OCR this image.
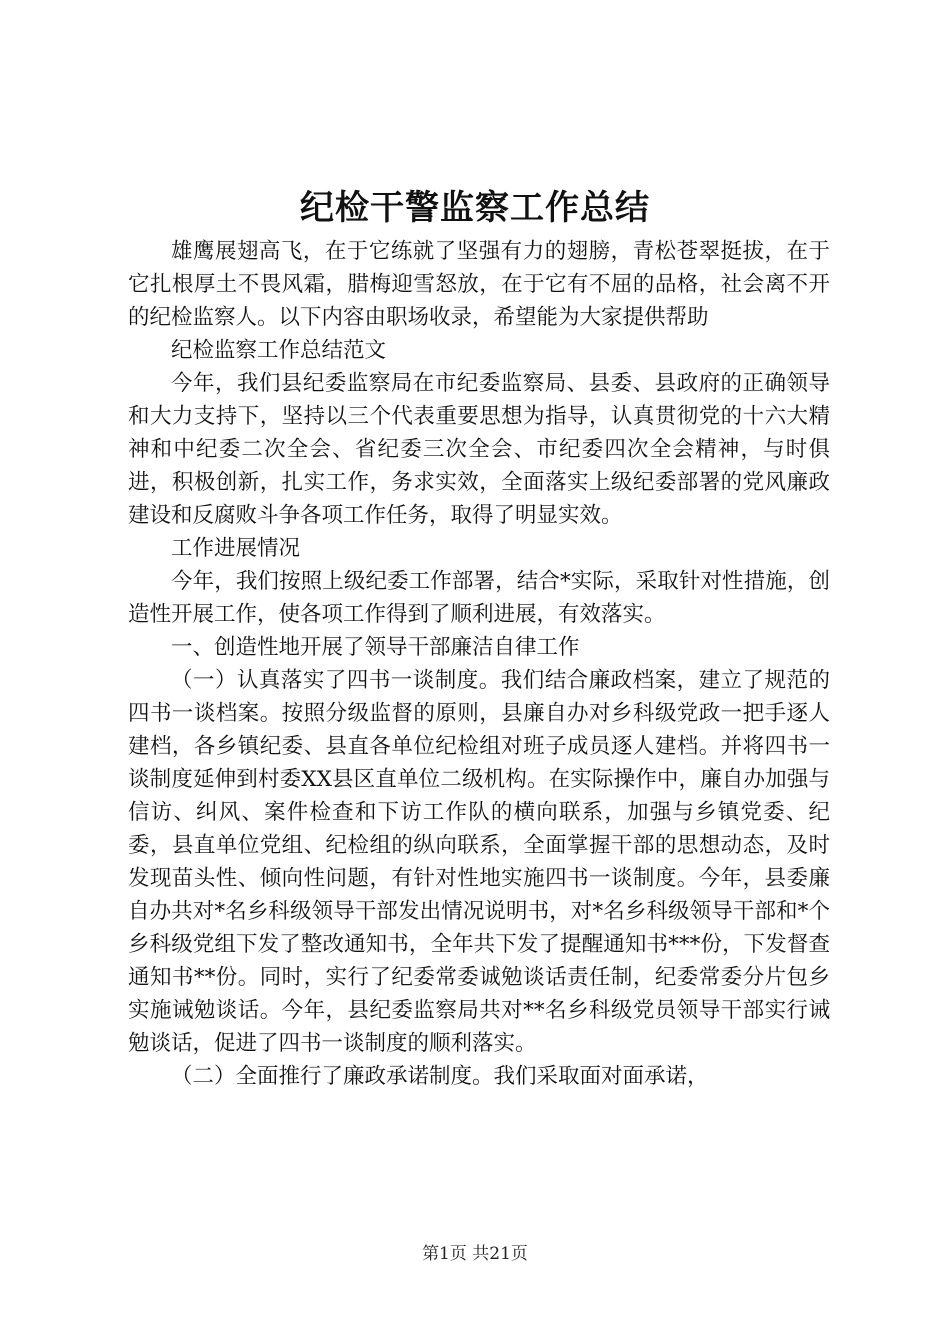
纪检干警监察工作总结

雄鹰展翅高飞，在于它练就了坚强有力的翅膀，青松苍翠挺拔，在于它扎根厚土不畏风霜，腊梅迎雪怒放，在于它有不屈的品格，社会离不开的纪检监察人。以下内容由职场收录，希望能为大家提供帮助

纪检监察工作总结范文

今年，我们县纪委监察局在市纪委监察局、县委、县政府的正确领导和大力支持下，坚持以三个代表重要思想为指导，认真贯彻党的十六大精神和中纪委二次全会、省纪委三次全会、市纪委四次全会精神，与时俱进，积极创新，扎实工作，务求实效，全面落实上级纪委部署的党风廉政建设和反腐败斗争各项工作任务，取得了明显实效。

工作进展情况

今年，我们按照上级纪委工作部署，结合*实际，采取针对性措施，创造性开展工作，使各项工作得到了顺利进展，有效落实。

一、创造性地开展了领导干部廉洁自律工作

（一）认真落实了四书一谈制度。我们结合廉政档案，建立了规范的四书一谈档案。按照分级监督的原则，县廉自办对乡科级党政一把手逐人建档，各乡镇纪委、县直各单位纪检组对班子成员逐人建档。并将四书一谈制度延伸到村委XX县区直单位二级机构。在实际操作中，廉自办加强与信访、纠风、案件检查和下访工作队的横向联系，加强与乡镇党委、纪委，县直单位党组、纪检组的纵向联系，全面掌握干部的思想动态，及时发现苗头性、倾向性问题，有针对性地实施四书一谈制度。今年，县委廉自办共对*名乡科级领导干部发出情况说明书，对*名乡科级领导干部和*个乡科级党组下发了整改通知书，全年共下发了提醒通知书***份，下发督查通知书**份。同时，实行了纪委常委诚勉谈话责任制，纪委常委分片包乡实施诫勉谈话。今年，县纪委监察局共对**名乡科级党员领导干部实行诫勉谈话，促进了四书一谈制度的顺利落实。

（二）全面推行了廉政承诺制度。我们采取面对面承诺，

第1页 共21页
